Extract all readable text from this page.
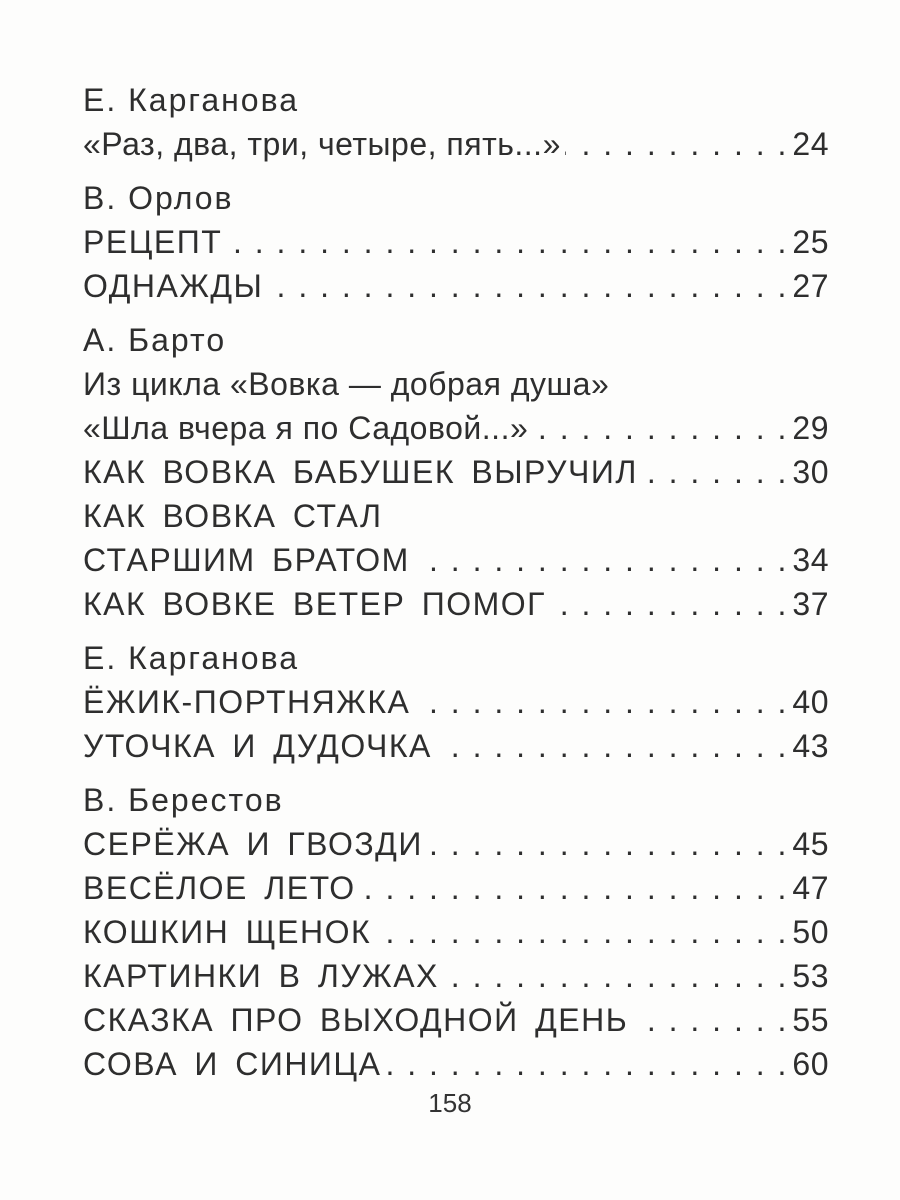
Е. Карганова
«Раз, два, три, четыре, пять...» . . .	24
В. Орлов
РЕЦЕПТ . . .	25
ОДНАЖДЫ . . .	27
А. Барто
Из цикла «Вовка — добрая душа»
«Шла вчера я по Садовой...» . . .	29
КАК ВОВКА БАБУШЕК ВЫРУЧИЛ . . .	30
КАК ВОВКА СТАЛ
СТАРШИМ БРАТОМ . . .	34
КАК ВОВКЕ ВЕТЕР ПОМОГ . . .	37
Е. Карганова
ЁЖИК-ПОРТНЯЖКА . . .	40
УТОЧКА И ДУДОЧКА . . .	43
В. Берестов
СЕРЁЖА И ГВОЗДИ . . .	45
ВЕСЁЛОЕ ЛЕТО . . .	47
КОШКИН ЩЕНОК . . .	50
КАРТИНКИ В ЛУЖАХ . . .	53
СКАЗКА ПРО ВЫХОДНОЙ ДЕНЬ . . .	55
СОВА И СИНИЦА . . .	60
158
